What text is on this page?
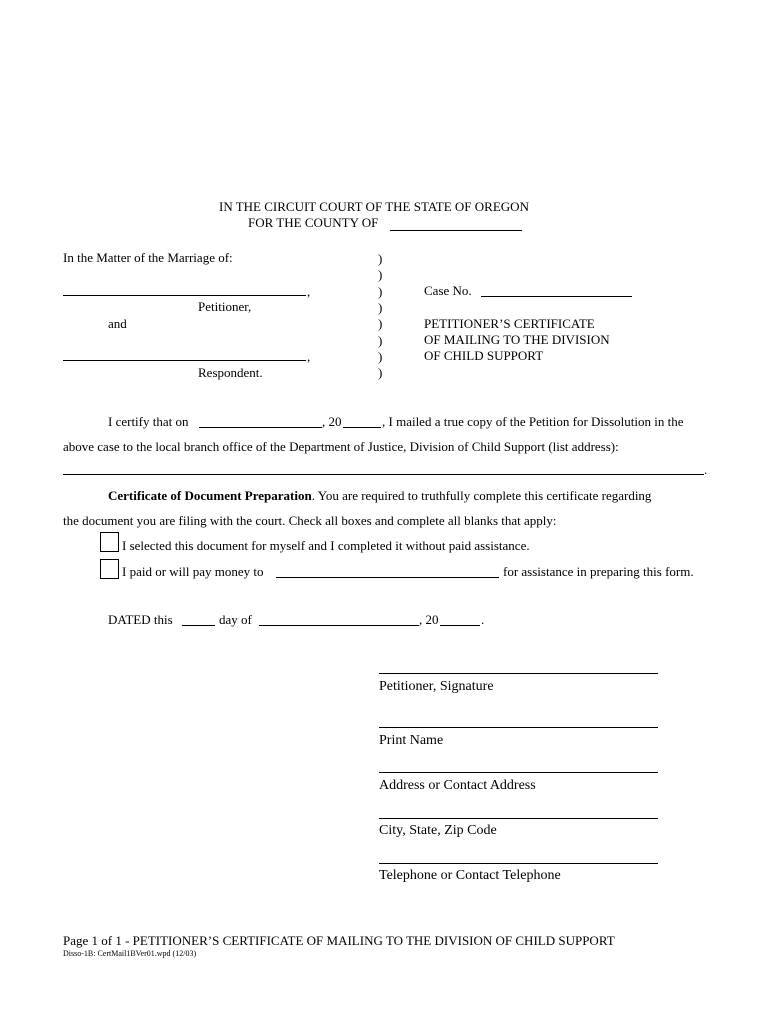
IN THE CIRCUIT COURT OF THE STATE OF OREGON
FOR THE COUNTY OF
In the Matter of the Marriage of:
,
Petitioner,
and
,
Respondent.
)
)
)
)
)
)
)
)
Case No.
PETITIONER’S CERTIFICATE
OF MAILING TO THE DIVISION
OF CHILD SUPPORT
I certify that on	, 20	, I mailed a true copy of the Petition for Dissolution in the
above case to the local branch office of the Department of Justice, Division of Child Support (list address):
.
Certificate of Document Preparation. You are required to truthfully complete this certificate regarding
the document you are filing with the court. Check all boxes and complete all blanks that apply:
I selected this document for myself and I completed it without paid assistance.
I paid or will pay money to	for assistance in preparing this form.
DATED this	day of	, 20	.
Petitioner, Signature
Print Name
Address or Contact Address
City, State, Zip Code
Telephone or Contact Telephone
Page 1 of 1 - PETITIONER’S CERTIFICATE OF MAILING TO THE DIVISION OF CHILD SUPPORT
Disso-1B: CertMail1BVer01.wpd (12/03)
